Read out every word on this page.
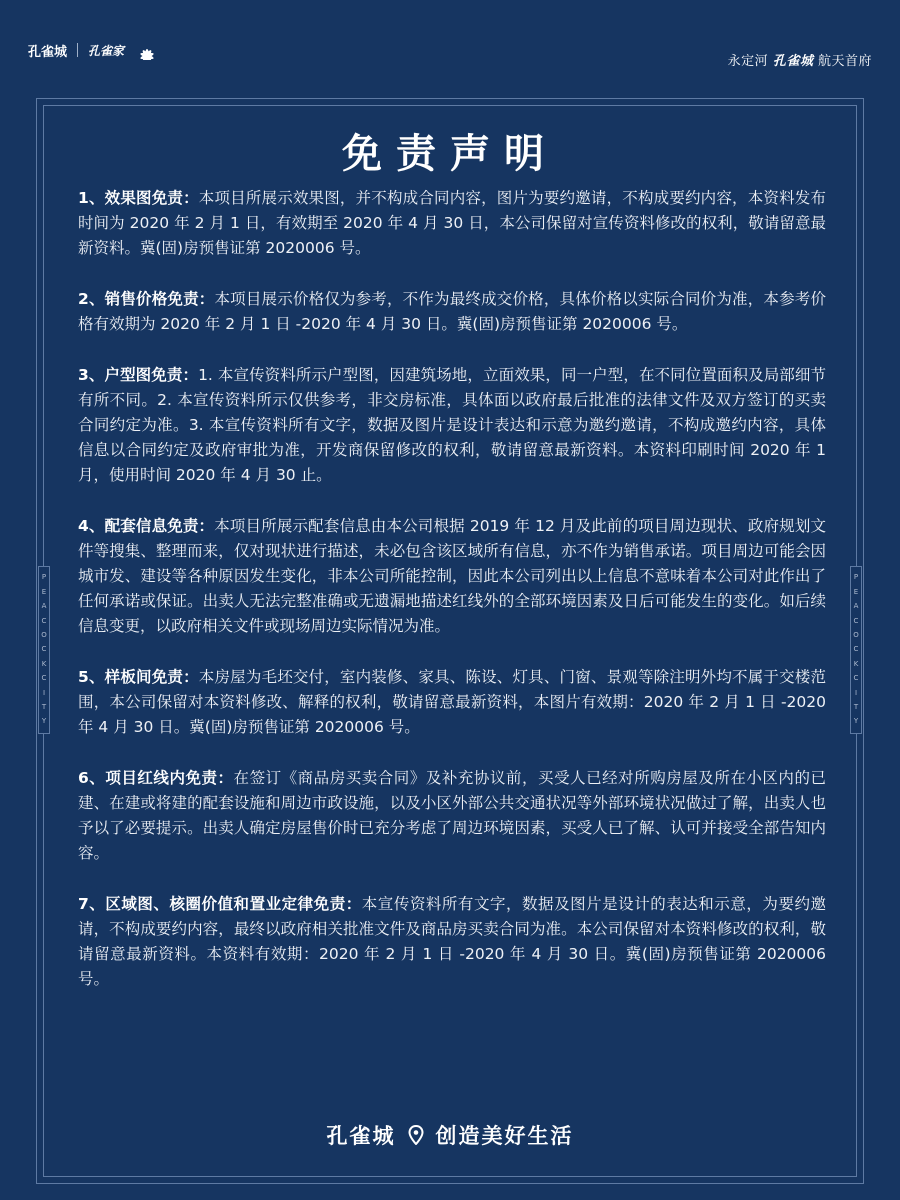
孔雀城 孔雀家
永定河 孔雀城 航天首府
P
E
A
C
O
C
K
C
I
T
Y
P
E
A
C
O
C
K
C
I
T
Y
免责声明

1、效果图免责：本项目所展示效果图，并不构成合同内容，图片为要约邀请，不构成要约内容，本资料发布时间为 2020 年 2 月 1 日，有效期至 2020 年 4 月 30 日，本公司保留对宣传资料修改的权利，敬请留意最新资料。冀(固)房预售证第 2020006 号。

2、销售价格免责：本项目展示价格仅为参考，不作为最终成交价格，具体价格以实际合同价为准，本参考价格有效期为 2020 年 2 月 1 日 -2020 年 4 月 30 日。冀(固)房预售证第 2020006 号。

3、户型图免责：1. 本宣传资料所示户型图，因建筑场地，立面效果，同一户型，在不同位置面积及局部细节有所不同。2. 本宣传资料所示仅供参考，非交房标准，具体面以政府最后批准的法律文件及双方签订的买卖合同约定为准。3. 本宣传资料所有文字，数据及图片是设计表达和示意为邀约邀请，不构成邀约内容，具体信息以合同约定及政府审批为准，开发商保留修改的权利，敬请留意最新资料。本资料印刷时间 2020 年 1 月，使用时间 2020 年 4 月 30 止。

4、配套信息免责：本项目所展示配套信息由本公司根据 2019 年 12 月及此前的项目周边现状、政府规划文件等搜集、整理而来，仅对现状进行描述，未必包含该区域所有信息，亦不作为销售承诺。项目周边可能会因城市发、建设等各种原因发生变化，非本公司所能控制，因此本公司列出以上信息不意味着本公司对此作出了任何承诺或保证。出卖人无法完整准确或无遗漏地描述红线外的全部环境因素及日后可能发生的变化。如后续信息变更，以政府相关文件或现场周边实际情况为准。

5、样板间免责：本房屋为毛坯交付，室内装修、家具、陈设、灯具、门窗、景观等除注明外均不属于交楼范围，本公司保留对本资料修改、解释的权利，敬请留意最新资料，本图片有效期：2020 年 2 月 1 日 -2020 年 4 月 30 日。冀(固)房预售证第 2020006 号。

6、项目红线内免责：在签订《商品房买卖合同》及补充协议前，买受人已经对所购房屋及所在小区内的已建、在建或将建的配套设施和周边市政设施，以及小区外部公共交通状况等外部环境状况做过了解，出卖人也予以了必要提示。出卖人确定房屋售价时已充分考虑了周边环境因素，买受人已了解、认可并接受全部告知内容。

7、区域图、核圈价值和置业定律免责：本宣传资料所有文字，数据及图片是设计的表达和示意，为要约邀请，不构成要约内容，最终以政府相关批准文件及商品房买卖合同为准。本公司保留对本资料修改的权利，敬请留意最新资料。本资料有效期：2020 年 2 月 1 日 -2020 年 4 月 30 日。冀(固)房预售证第 2020006 号。

孔雀城 创造美好生活
